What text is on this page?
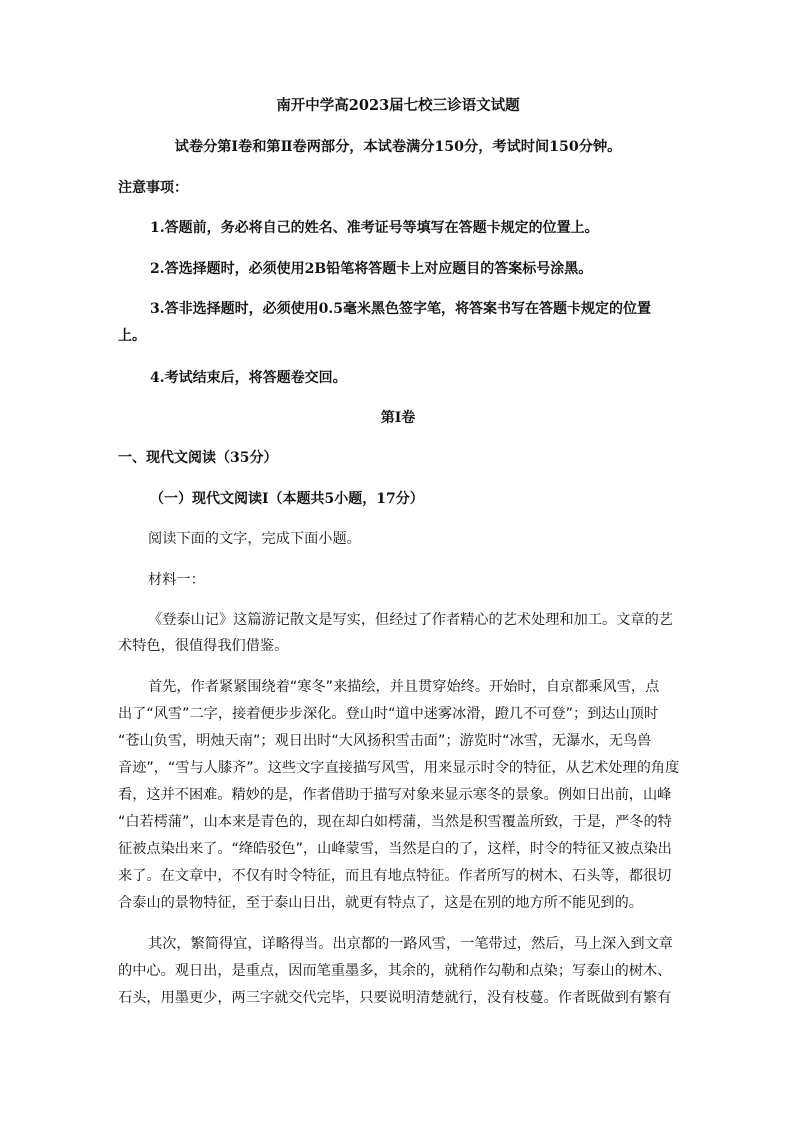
南开中学高2023届七校三诊语文试题
试卷分第Ⅰ卷和第Ⅱ卷两部分，本试卷满分150分，考试时间150分钟。
注意事项：
1.答题前，务必将自己的姓名、准考证号等填写在答题卡规定的位置上。
2.答选择题时，必须使用2B铅笔将答题卡上对应题目的答案标号涂黑。
3.答非选择题时，必须使用0.5毫米黑色签字笔，将答案书写在答题卡规定的位置
上。
4.考试结束后，将答题卷交回。
第Ⅰ卷
一、现代文阅读（35分）
（一）现代文阅读Ⅰ（本题共5小题，17分）
阅读下面的文字，完成下面小题。
材料一：
《登泰山记》这篇游记散文是写实，但经过了作者精心的艺术处理和加工。文章的艺
术特色，很值得我们借鉴。
首先，作者紧紧围绕着“寒冬”来描绘，并且贯穿始终。开始时，自京都乘风雪，点
出了“风雪”二字，接着便步步深化。登山时“道中迷雾冰滑，蹬几不可登”；到达山顶时
“苍山负雪，明烛天南”；观日出时“大风扬积雪击面”；游览时“冰雪，无瀑水，无鸟兽
音迹”，“雪与人膝齐”。这些文字直接描写风雪，用来显示时令的特征，从艺术处理的角度
看，这并不困难。精妙的是，作者借助于描写对象来显示寒冬的景象。例如日出前，山峰
“白若樗蒲”，山本来是青色的，现在却白如樗蒲，当然是积雪覆盖所致，于是，严冬的特
征被点染出来了。“绛皓驳色”，山峰蒙雪，当然是白的了，这样，时令的特征又被点染出
来了。在文章中，不仅有时令特征，而且有地点特征。作者所写的树木、石头等，都很切
合泰山的景物特征，至于泰山日出，就更有特点了，这是在别的地方所不能见到的。
其次，繁简得宜，详略得当。出京都的一路风雪，一笔带过，然后，马上深入到文章
的中心。观日出，是重点，因而笔重墨多，其余的，就稍作勾勒和点染；写泰山的树木、
石头，用墨更少，两三字就交代完毕，只要说明清楚就行，没有枝蔓。作者既做到有繁有
